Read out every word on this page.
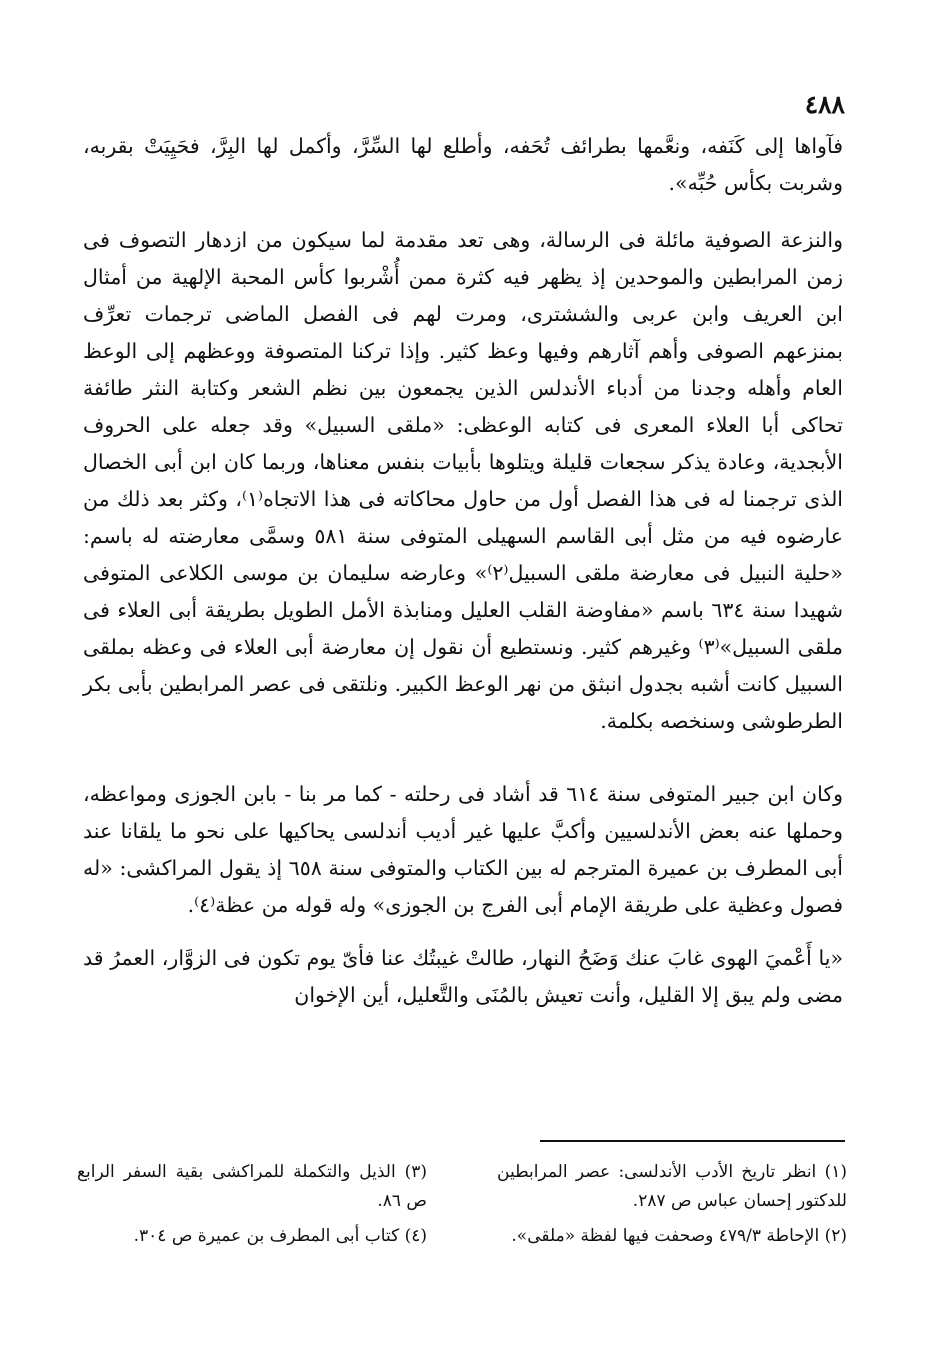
٤٨٨

فآواها إلى كَنَفه، ونعَّمها بطرائف تُحَفه، وأطلع لها السِّرَّ، وأكمل لها البِرَّ، فحَيِيَتْ بقربه، وشربت بكأس حُبِّه».

والنزعة الصوفية مائلة فى الرسالة، وهى تعد مقدمة لما سيكون من ازدهار التصوف فى زمن المرابطين والموحدين إذ يظهر فيه كثرة ممن أُشْربوا كأس المحبة الإلهية من أمثال ابن العريف وابن عربى والششترى، ومرت لهم فى الفصل الماضى ترجمات تعرِّف بمنزعهم الصوفى وأهم آثارهم وفيها وعظ كثير. وإذا تركنا المتصوفة ووعظهم إلى الوعظ العام وأهله وجدنا من أدباء الأندلس الذين يجمعون بين نظم الشعر وكتابة النثر طائفة تحاكى أبا العلاء المعرى فى كتابه الوعظى: «ملقى السبيل» وقد جعله على الحروف الأبجدية، وعادة يذكر سجعات قليلة ويتلوها بأبيات بنفس معناها، وربما كان ابن أبى الخصال الذى ترجمنا له فى هذا الفصل أول من حاول محاكاته فى هذا الاتجاه⁽١⁾، وكثر بعد ذلك من عارضوه فيه من مثل أبى القاسم السهيلى المتوفى سنة ٥٨١ وسمَّى معارضته له باسم: «حلية النبيل فى معارضة ملقى السبيل⁽٢⁾» وعارضه سليمان بن موسى الكلاعى المتوفى شهيدا سنة ٦٣٤ باسم «مفاوضة القلب العليل ومنابذة الأمل الطويل بطريقة أبى العلاء فى ملقى السبيل»⁽٣⁾ وغيرهم كثير. ونستطيع أن نقول إن معارضة أبى العلاء فى وعظه بملقى السبيل كانت أشبه بجدول انبثق من نهر الوعظ الكبير. ونلتقى فى عصر المرابطين بأبى بكر الطرطوشى وسنخصه بكلمة.

وكان ابن جبير المتوفى سنة ٦١٤ قد أشاد فى رحلته - كما مر بنا - بابن الجوزى ومواعظه، وحملها عنه بعض الأندلسيين وأكبَّ عليها غير أديب أندلسى يحاكيها على نحو ما يلقانا عند أبى المطرف بن عميرة المترجم له بين الكتاب والمتوفى سنة ٦٥٨ إذ يقول المراكشى: «له فصول وعظية على طريقة الإمام أبى الفرج بن الجوزى» وله قوله من عظة⁽٤⁾.

«يا أَعْميَ الهوى غابَ عنك وَضَحُ النهار، طالتْ غيبتُك عنا فأىّ يوم تكون فى الزوَّار، العمرُ قد مضى ولم يبق إلا القليل، وأنت تعيش بالمُنَى والتَّعليل، أين الإخوان

(١) انظر تاريخ الأدب الأندلسى: عصر المرابطين للدكتور إحسان عباس ص ٢٨٧.

(٢) الإحاطة ٤٧٩/٣ وصحفت فيها لفظة «ملقى».

(٣) الذيل والتكملة للمراكشى بقية السفر الرابع ص ٨٦.

(٤) كتاب أبى المطرف بن عميرة ص ٣٠٤.
